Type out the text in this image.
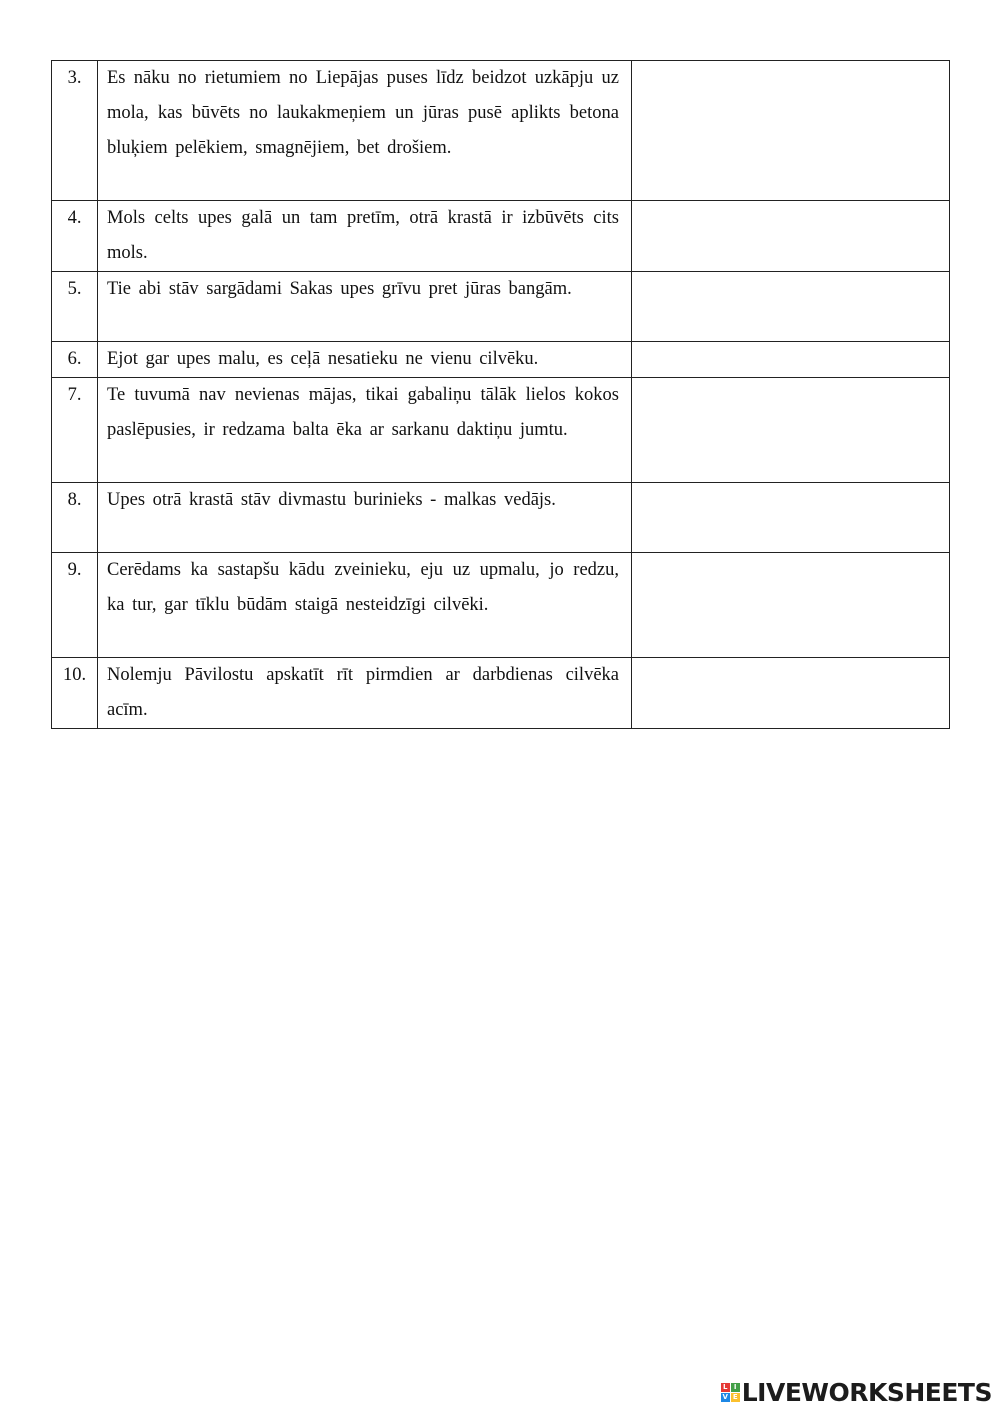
3.	Es nāku no rietumiem no Liepājas puses līdz beidzot uzkāpju uz mola, kas būvēts no laukakmeņiem un jūras pusē aplikts betona bluķiem pelēkiem, smagnējiem, bet drošiem.	

4.	Mols celts upes galā un tam pretīm, otrā krastā ir izbūvēts cits mols.	

5.	Tie abi stāv sargādami Sakas upes grīvu pret jūras bangām.	

6.	Ejot gar upes malu, es ceļā nesatieku ne vienu cilvēku.	

7.	Te tuvumā nav nevienas mājas, tikai gabaliņu tālāk lielos kokos paslēpusies, ir redzama balta ēka ar sarkanu daktiņu jumtu.	

8.	Upes otrā krastā stāv divmastu burinieks - malkas vedājs.	

9.	Cerēdams ka sastapšu kādu zveinieku, eju uz upmalu, jo redzu, ka tur, gar tīklu būdām staigā nesteidzīgi cilvēki.	

10.	Nolemju Pāvilostu apskatīt rīt pirmdien ar darbdienas cilvēka acīm.	

L I
V E LIVEWORKSHEETS
